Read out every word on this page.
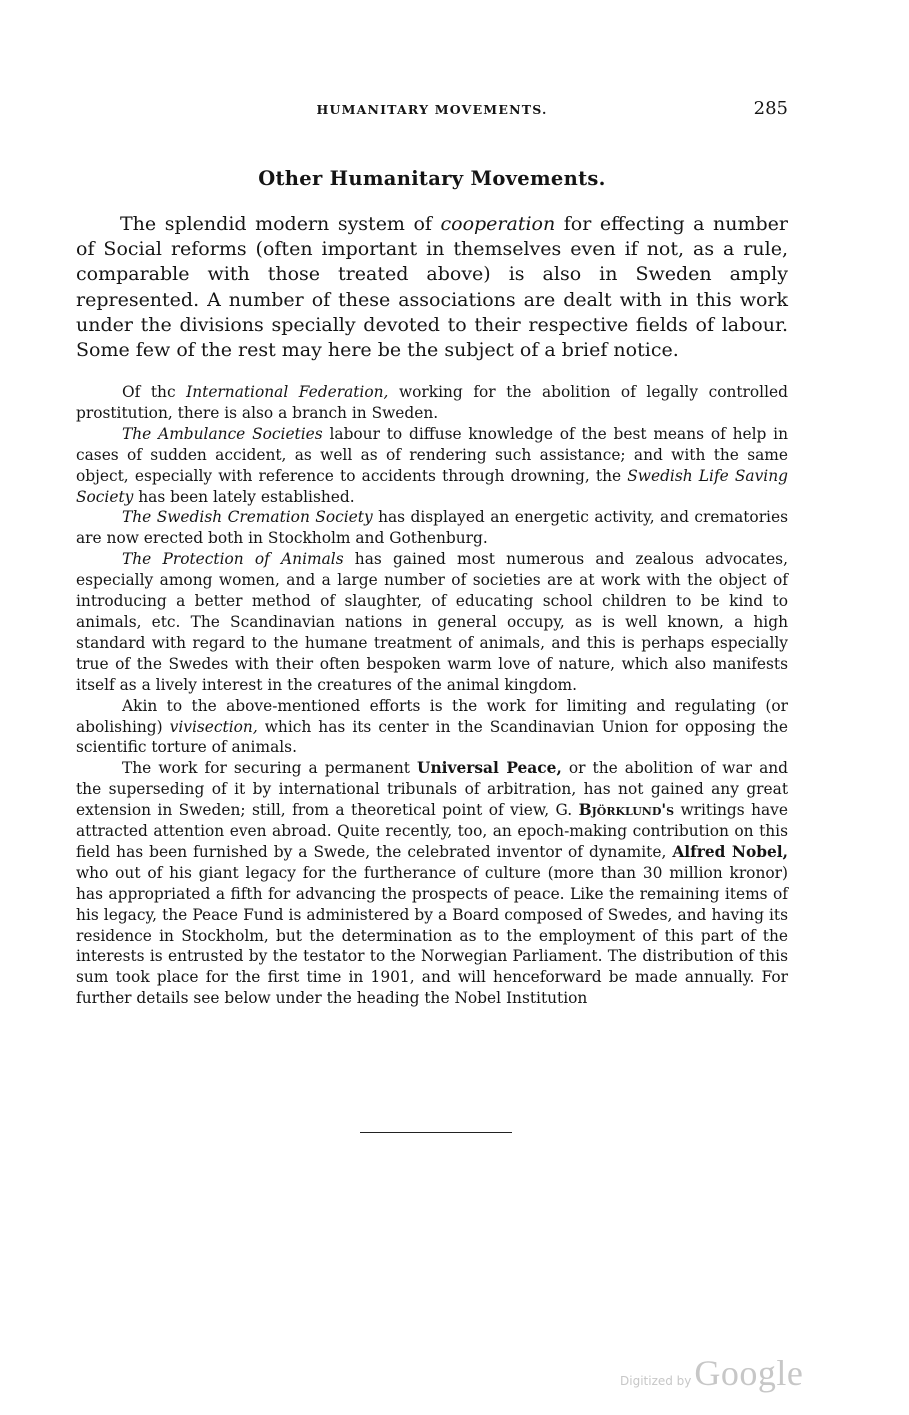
HUMANITARY MOVEMENTS.	285
Other Humanitary Movements.

The splendid modern system of cooperation for effecting a number of Social reforms (often important in themselves even if not, as a rule, comparable with those treated above) is also in Sweden amply represented. A number of these associations are dealt with in this work under the divisions specially devoted to their respective fields of labour. Some few of the rest may here be the subject of a brief notice.

Of thc International Federation, working for the abolition of legally controlled prostitution, there is also a branch in Sweden.

The Ambulance Societies labour to diffuse knowledge of the best means of help in cases of sudden accident, as well as of rendering such assistance; and with the same object, especially with reference to accidents through drowning, the Swedish Life Saving Society has been lately established.

The Swedish Cremation Society has displayed an energetic activity, and crematories are now erected both in Stockholm and Gothenburg.

The Protection of Animals has gained most numerous and zealous advocates, especially among women, and a large number of societies are at work with the object of introducing a better method of slaughter, of educating school children to be kind to animals, etc. The Scandinavian nations in general occupy, as is well known, a high standard with regard to the humane treatment of animals, and this is perhaps especially true of the Swedes with their often bespoken warm love of nature, which also manifests itself as a lively interest in the creatures of the animal kingdom.

Akin to the above-mentioned efforts is the work for limiting and regulating (or abolishing) vivisection, which has its center in the Scandinavian Union for opposing the scientific torture of animals.

The work for securing a permanent Universal Peace, or the abolition of war and the superseding of it by international tribunals of arbitration, has not gained any great extension in Sweden; still, from a theoretical point of view, G. Björklund's writings have attracted attention even abroad. Quite recently, too, an epoch-making contribution on this field has been furnished by a Swede, the celebrated inventor of dynamite, Alfred Nobel, who out of his giant legacy for the furtherance of culture (more than 30 million kronor) has appropriated a fifth for advancing the prospects of peace. Like the remaining items of his legacy, the Peace Fund is administered by a Board composed of Swedes, and having its residence in Stockholm, but the determination as to the employment of this part of the interests is entrusted by the testator to the Norwegian Parliament. The distribution of this sum took place for the first time in 1901, and will henceforward be made annually. For further details see below under the heading the Nobel Institution

Digitized byGoogle
